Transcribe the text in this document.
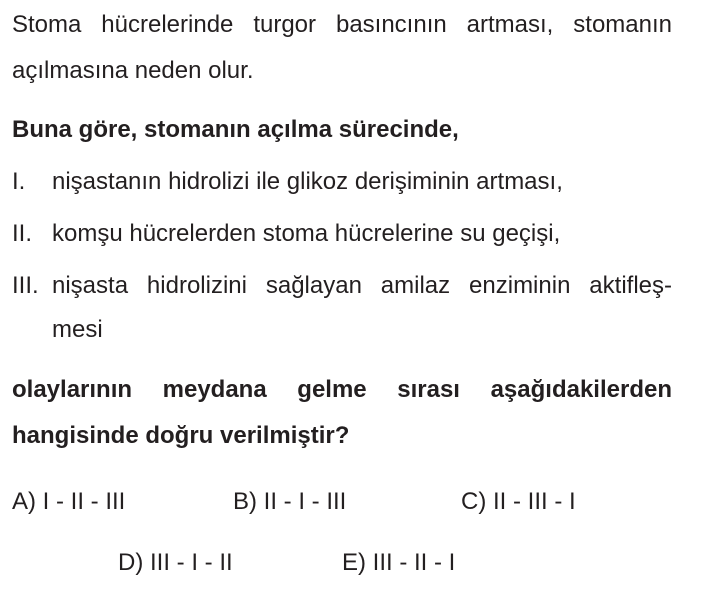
Stoma hücrelerinde turgor basıncının artması, stomanın
açılmasına neden olur.
Buna göre, stomanın açılma sürecinde,
I. nişastanın hidrolizi ile glikoz derişiminin artması,
II. komşu hücrelerden stoma hücrelerine su geçişi,
III. nişasta hidrolizini sağlayan amilaz enziminin aktifleş-
mesi
olaylarının meydana gelme sırası aşağıdakilerden
hangisinde doğru verilmiştir?
A) I - II - III	B) II - I - III	C) II - III - I
D) III - I - II	E) III - II - I
